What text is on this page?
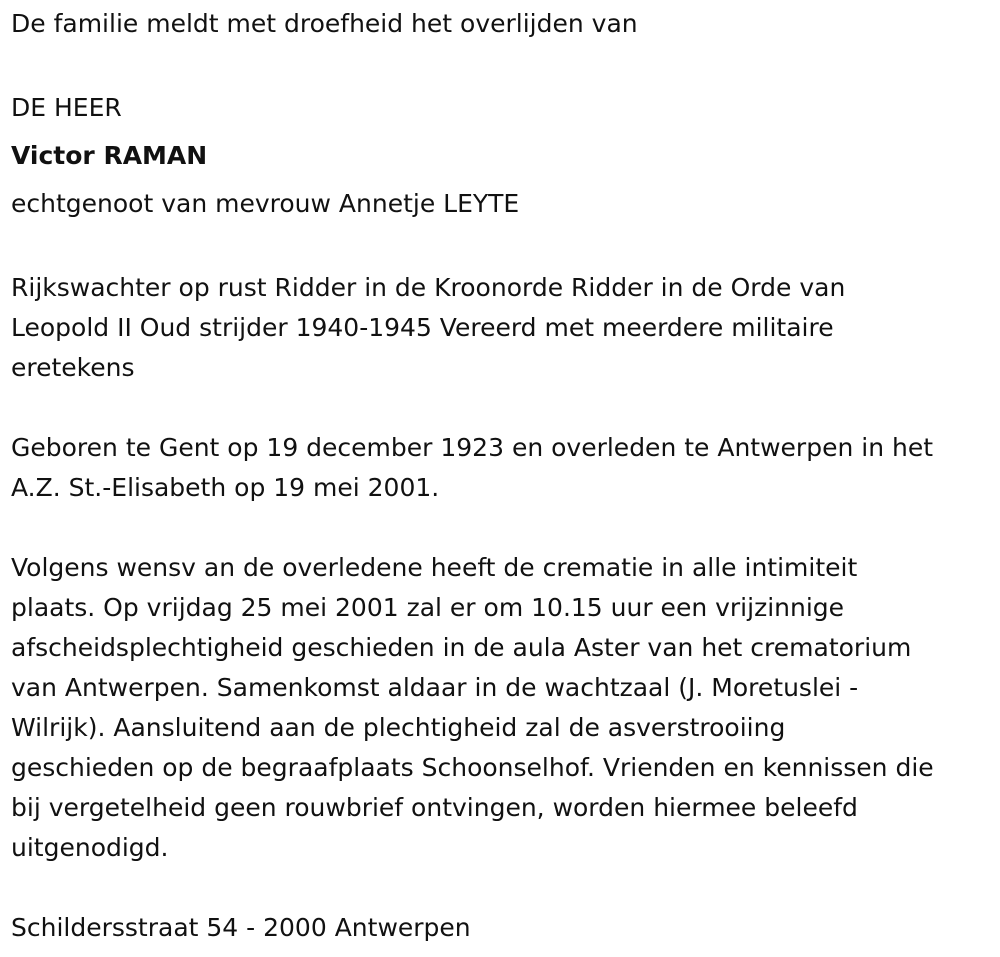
De familie meldt met droefheid het overlijden van
DE HEER
Victor RAMAN
echtgenoot van mevrouw Annetje LEYTE
Rijkswachter op rust Ridder in de Kroonorde Ridder in de Orde van
Leopold II Oud strijder 1940-1945 Vereerd met meerdere militaire
eretekens
Geboren te Gent op 19 december 1923 en overleden te Antwerpen in het
A.Z. St.-Elisabeth op 19 mei 2001.
Volgens wensv an de overledene heeft de crematie in alle intimiteit
plaats. Op vrijdag 25 mei 2001 zal er om 10.15 uur een vrijzinnige
afscheidsplechtigheid geschieden in de aula Aster van het crematorium
van Antwerpen. Samenkomst aldaar in de wachtzaal (J. Moretuslei -
Wilrijk). Aansluitend aan de plechtigheid zal de asverstrooiing
geschieden op de begraafplaats Schoonselhof. Vrienden en kennissen die
bij vergetelheid geen rouwbrief ontvingen, worden hiermee beleefd
uitgenodigd.
Schildersstraat 54 - 2000 Antwerpen
